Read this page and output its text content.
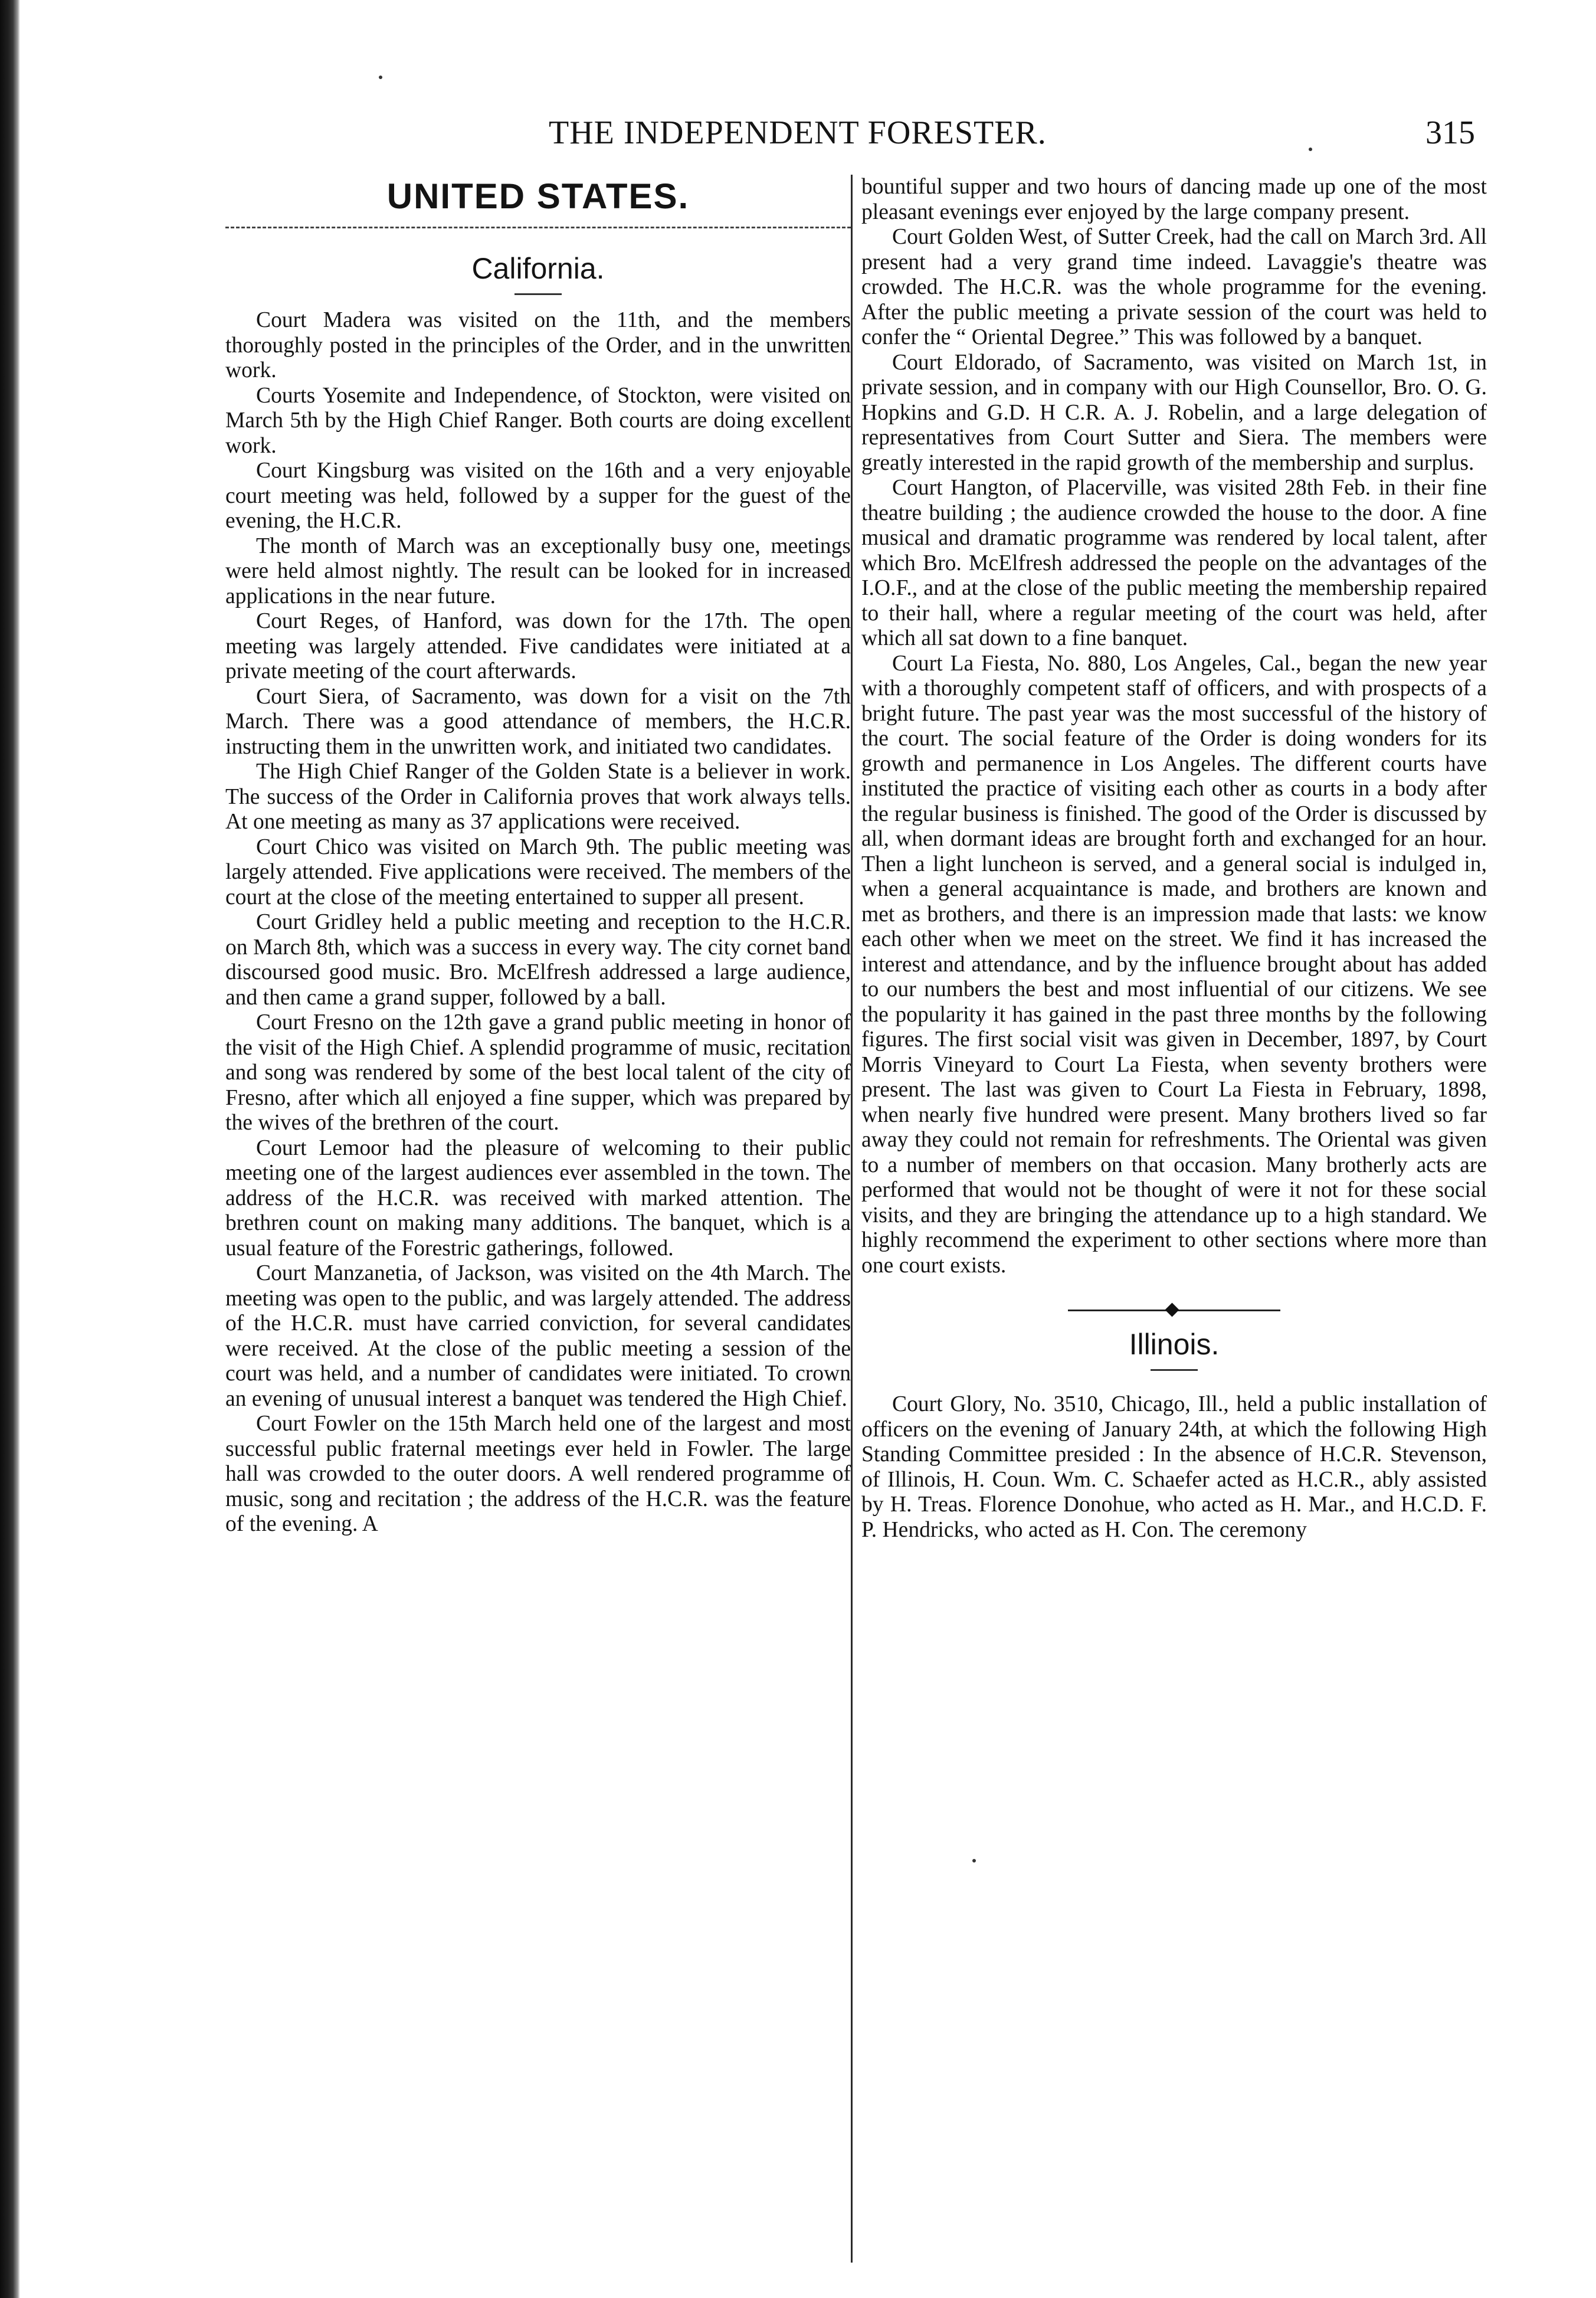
THE INDEPENDENT FORESTER.	315
UNITED STATES.
California.

Court Madera was visited on the 11th, and the members thoroughly posted in the principles of the Order, and in the unwritten work.

Courts Yosemite and Independence, of Stockton, were visited on March 5th by the High Chief Ranger. Both courts are doing excellent work.

Court Kingsburg was visited on the 16th and a very enjoyable court meeting was held, followed by a supper for the guest of the evening, the H.C.R.

The month of March was an exceptionally busy one, meetings were held almost nightly. The result can be looked for in increased applications in the near future.

Court Reges, of Hanford, was down for the 17th. The open meeting was largely attended. Five candidates were initiated at a private meeting of the court afterwards.

Court Siera, of Sacramento, was down for a visit on the 7th March. There was a good attendance of members, the H.C.R. instructing them in the unwritten work, and initiated two candidates.

The High Chief Ranger of the Golden State is a believer in work. The success of the Order in California proves that work always tells. At one meeting as many as 37 applications were received.

Court Chico was visited on March 9th. The public meeting was largely attended. Five applications were received. The members of the court at the close of the meeting entertained to supper all present.

Court Gridley held a public meeting and reception to the H.C.R. on March 8th, which was a success in every way. The city cornet band discoursed good music. Bro. McElfresh addressed a large audience, and then came a grand supper, followed by a ball.

Court Fresno on the 12th gave a grand public meeting in honor of the visit of the High Chief. A splendid programme of music, recitation and song was rendered by some of the best local talent of the city of Fresno, after which all enjoyed a fine supper, which was prepared by the wives of the brethren of the court.

Court Lemoor had the pleasure of welcoming to their public meeting one of the largest audiences ever assembled in the town. The address of the H.C.R. was received with marked attention. The brethren count on making many additions. The banquet, which is a usual feature of the Forestric gatherings, followed.

Court Manzanetia, of Jackson, was visited on the 4th March. The meeting was open to the public, and was largely attended. The address of the H.C.R. must have carried conviction, for several candidates were received. At the close of the public meeting a session of the court was held, and a number of candidates were initiated. To crown an evening of unusual interest a banquet was tendered the High Chief.

Court Fowler on the 15th March held one of the largest and most successful public fraternal meetings ever held in Fowler. The large hall was crowded to the outer doors. A well rendered programme of music, song and recitation ; the address of the H.C.R. was the feature of the evening. A

bountiful supper and two hours of dancing made up one of the most pleasant evenings ever enjoyed by the large company present.

Court Golden West, of Sutter Creek, had the call on March 3rd. All present had a very grand time indeed. Lavaggie's theatre was crowded. The H.C.R. was the whole programme for the evening. After the public meeting a private session of the court was held to confer the “ Oriental Degree.” This was followed by a banquet.

Court Eldorado, of Sacramento, was visited on March 1st, in private session, and in company with our High Counsellor, Bro. O. G. Hopkins and G.D. H C.R. A. J. Robelin, and a large delegation of representatives from Court Sutter and Siera. The members were greatly interested in the rapid growth of the membership and surplus.

Court Hangton, of Placerville, was visited 28th Feb. in their fine theatre building ; the audience crowded the house to the door. A fine musical and dramatic programme was rendered by local talent, after which Bro. McElfresh addressed the people on the advantages of the I.O.F., and at the close of the public meeting the membership repaired to their hall, where a regular meeting of the court was held, after which all sat down to a fine banquet.

Court La Fiesta, No. 880, Los Angeles, Cal., began the new year with a thoroughly competent staff of officers, and with prospects of a bright future. The past year was the most successful of the history of the court. The social feature of the Order is doing wonders for its growth and permanence in Los Angeles. The different courts have instituted the practice of visiting each other as courts in a body after the regular business is finished. The good of the Order is discussed by all, when dormant ideas are brought forth and exchanged for an hour. Then a light luncheon is served, and a general social is indulged in, when a general acquaintance is made, and brothers are known and met as brothers, and there is an impression made that lasts: we know each other when we meet on the street. We find it has increased the interest and attendance, and by the influence brought about has added to our numbers the best and most influential of our citizens. We see the popularity it has gained in the past three months by the following figures. The first social visit was given in December, 1897, by Court Morris Vineyard to Court La Fiesta, when seventy brothers were present. The last was given to Court La Fiesta in February, 1898, when nearly five hundred were present. Many brothers lived so far away they could not remain for refreshments. The Oriental was given to a number of members on that occasion. Many brotherly acts are performed that would not be thought of were it not for these social visits, and they are bringing the attendance up to a high standard. We highly recommend the experiment to other sections where more than one court exists.

Illinois.

Court Glory, No. 3510, Chicago, Ill., held a public installation of officers on the evening of January 24th, at which the following High Standing Committee presided : In the absence of H.C.R. Stevenson, of Illinois, H. Coun. Wm. C. Schaefer acted as H.C.R., ably assisted by H. Treas. Florence Donohue, who acted as H. Mar., and H.C.D. F. P. Hendricks, who acted as H. Con. The ceremony
